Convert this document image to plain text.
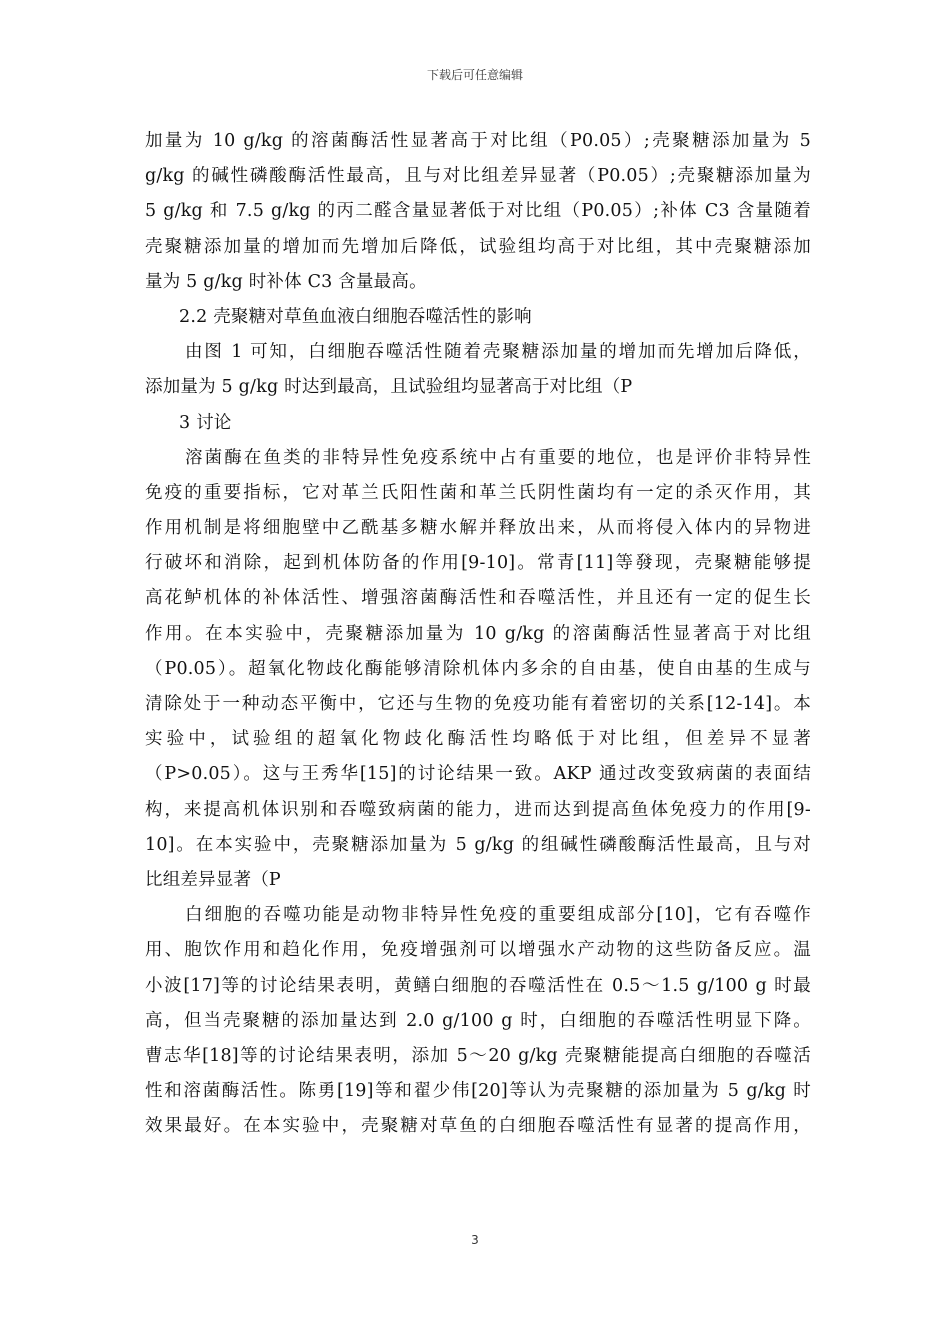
下载后可任意编辑
加量为 10 g/kg 的溶菌酶活性显著高于对比组（P0.05）;壳聚糖添加量为 5
g/kg 的碱性磷酸酶活性最高，且与对比组差异显著（P0.05）;壳聚糖添加量为
5 g/kg 和 7.5 g/kg 的丙二醛含量显著低于对比组（P0.05）;补体 C3 含量随着
壳聚糖添加量的增加而先增加后降低，试验组均高于对比组，其中壳聚糖添加
量为 5 g/kg 时补体 C3 含量最高。
2.2 壳聚糖对草鱼血液白细胞吞噬活性的影响
由图 1 可知，白细胞吞噬活性随着壳聚糖添加量的增加而先增加后降低，
添加量为 5 g/kg 时达到最高，且试验组均显著高于对比组（P
3 讨论
溶菌酶在鱼类的非特异性免疫系统中占有重要的地位，也是评价非特异性
免疫的重要指标，它对革兰氏阳性菌和革兰氏阴性菌均有一定的杀灭作用，其
作用机制是将细胞壁中乙酰基多糖水解并释放出来，从而将侵入体内的异物进
行破坏和消除，起到机体防备的作用[9-10]。常青[11]等發现，壳聚糖能够提
高花鲈机体的补体活性、增强溶菌酶活性和吞噬活性，并且还有一定的促生长
作用。在本实验中，壳聚糖添加量为 10 g/kg 的溶菌酶活性显著高于对比组
（P0.05）。超氧化物歧化酶能够清除机体内多余的自由基，使自由基的生成与
清除处于一种动态平衡中，它还与生物的免疫功能有着密切的关系[12-14]。本
实验中，试验组的超氧化物歧化酶活性均略低于对比组，但差异不显著
（P>0.05）。这与王秀华[15]的讨论结果一致。AKP 通过改变致病菌的表面结
构，来提高机体识别和吞噬致病菌的能力，进而达到提高鱼体免疫力的作用[9-
10]。在本实验中，壳聚糖添加量为 5 g/kg 的组碱性磷酸酶活性最高，且与对
比组差异显著（P
白细胞的吞噬功能是动物非特异性免疫的重要组成部分[10]，它有吞噬作
用、胞饮作用和趋化作用，免疫增强剂可以增强水产动物的这些防备反应。温
小波[17]等的讨论结果表明，黄鳝白细胞的吞噬活性在 0.5～1.5 g/100 g 时最
高，但当壳聚糖的添加量达到 2.0 g/100 g 时，白细胞的吞噬活性明显下降。
曹志华[18]等的讨论结果表明，添加 5～20 g/kg 壳聚糖能提高白细胞的吞噬活
性和溶菌酶活性。陈勇[19]等和翟少伟[20]等认为壳聚糖的添加量为 5 g/kg 时
效果最好。在本实验中，壳聚糖对草鱼的白细胞吞噬活性有显著的提高作用，
3
